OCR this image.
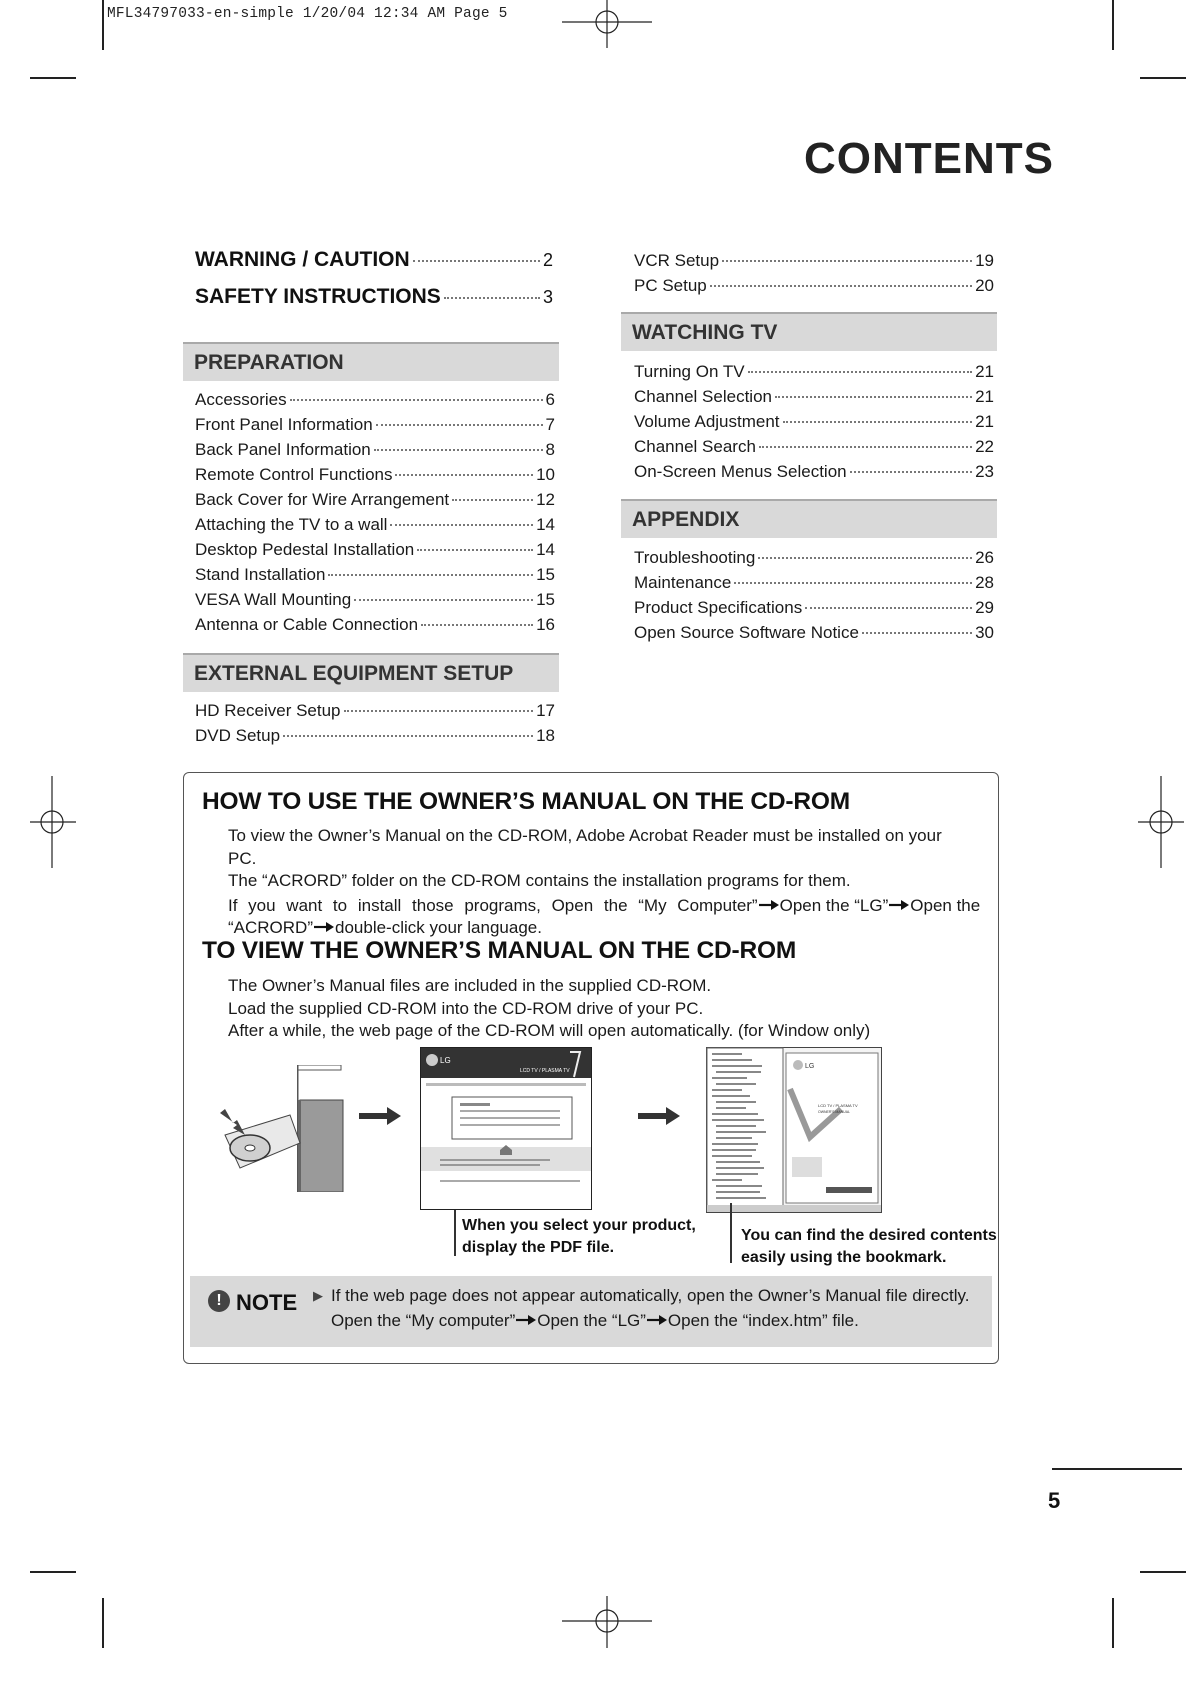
MFL34797033-en-simple 1/20/04 12:34 AM Page 5
CONTENTS
WARNING / CAUTION	2
SAFETY INSTRUCTIONS	3
PREPARATION
Accessories	6
Front Panel Information	7
Back Panel Information	8
Remote Control Functions	10
Back Cover for Wire Arrangement	12
Attaching the TV to a wall	14
Desktop Pedestal Installation	14
Stand Installation	15
VESA Wall Mounting	15
Antenna or Cable Connection	16
EXTERNAL EQUIPMENT SETUP
HD Receiver Setup	17
DVD Setup	18
VCR Setup	19
PC Setup	20
WATCHING TV
Turning On TV	21
Channel Selection	21
Volume Adjustment	21
Channel Search	22
On-Screen Menus Selection	23
APPENDIX
Troubleshooting	26
Maintenance	28
Product Specifications	29
Open Source Software Notice	30
HOW TO USE THE OWNER’S MANUAL ON THE CD-ROM
To view the Owner’s Manual on the CD-ROM, Adobe Acrobat Reader must be installed on your PC.
The “ACRORD” folder on the CD-ROM contains the installation programs for them.
If you want to install those programs, Open the “My Computer”	Open the “LG”	Open the
“ACRORD” double-click your language.
TO VIEW THE OWNER’S MANUAL ON THE CD-ROM
The Owner’s Manual files are included in the supplied CD-ROM.
Load the supplied CD-ROM into the CD-ROM drive of your PC.
After a while, the web page of the CD-ROM will open automatically. (for Window only)
LG
LCD TV / PLASMA TV
LG
LCD TV / PLASMA TV
OWNER'S MANUAL
When you select your product,
display the PDF file.
You can find the desired contents
easily using the bookmark.
! NOTE ▶ If the web page does not appear automatically, open the Owner’s Manual file directly.
Open the “My computer” Open the “LG” Open the “index.htm” file.
5
